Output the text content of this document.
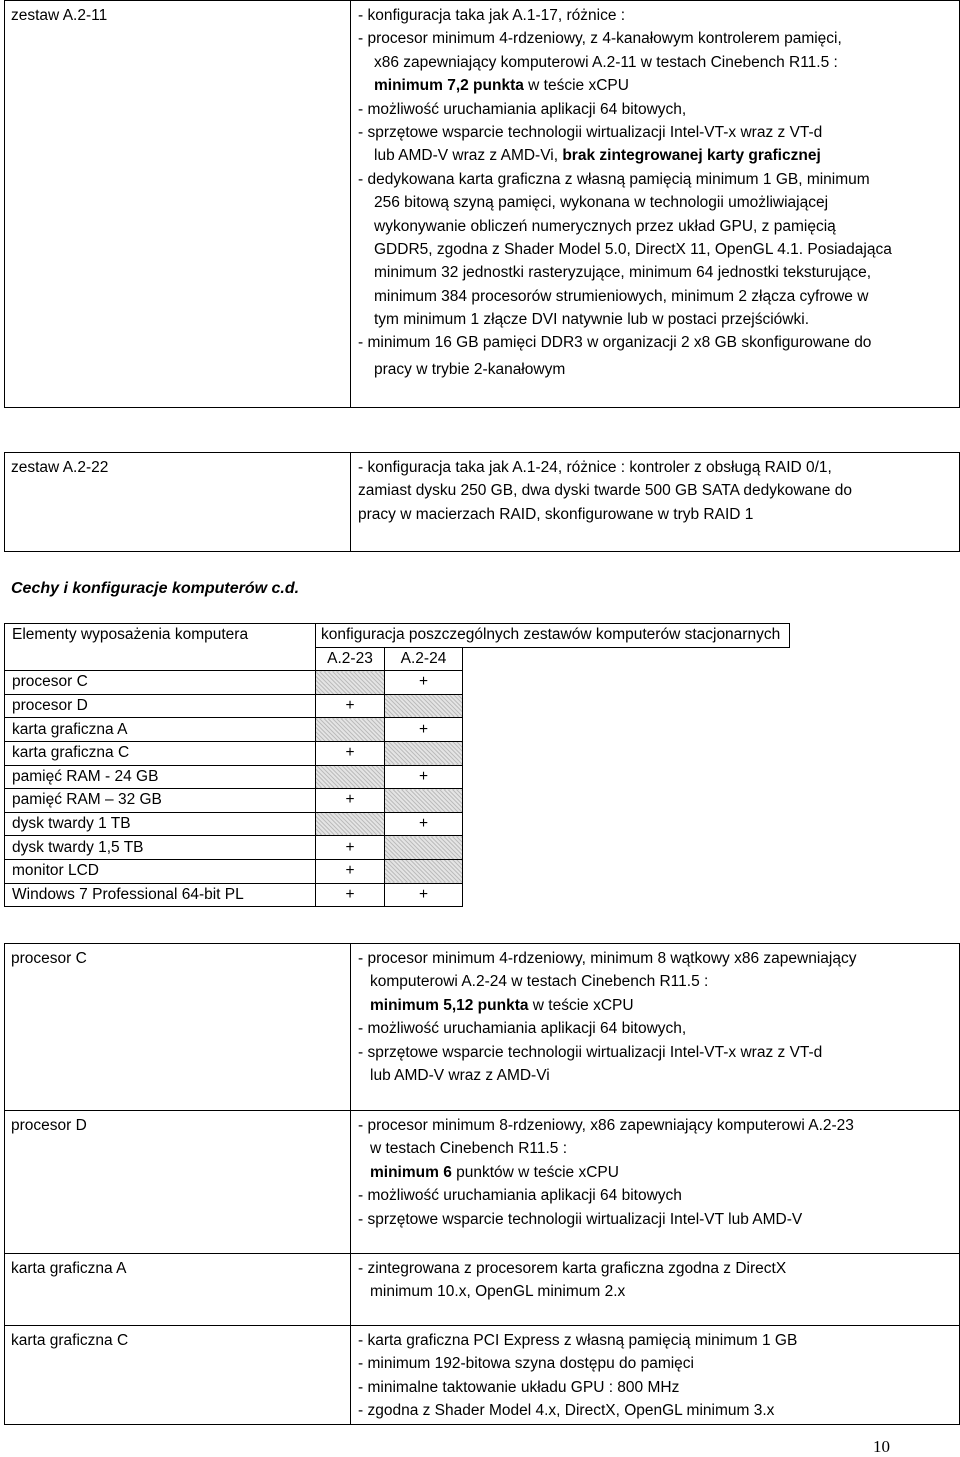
zestaw A.2-11	- konfiguracja taka jak A.1-17, różnice :
- procesor minimum 4-rdzeniowy, z 4-kanałowym kontrolerem pamięci,
x86 zapewniający komputerowi A.2-11 w testach Cinebench R11.5 :
minimum 7,2 punkta w teście xCPU
- możliwość uruchamiania aplikacji 64 bitowych,
- sprzętowe wsparcie technologii wirtualizacji Intel-VT-x wraz z VT-d
lub AMD-V wraz z AMD-Vi, brak zintegrowanej karty graficznej
- dedykowana karta graficzna z własną pamięcią minimum 1 GB, minimum
256 bitową szyną pamięci, wykonana w technologii umożliwiającej
wykonywanie obliczeń numerycznych przez układ GPU, z pamięcią
GDDR5, zgodna z Shader Model 5.0, DirectX 11, OpenGL 4.1. Posiadająca
minimum 32 jednostki rasteryzujące, minimum 64 jednostki teksturujące,
minimum 384 procesorów strumieniowych, minimum 2 złącza cyfrowe w
tym minimum 1 złącze DVI natywnie lub w postaci przejściówki.
- minimum 16 GB pamięci DDR3 w organizacji 2 x8 GB skonfigurowane do
pracy w trybie 2-kanałowym
zestaw A.2-22	- konfiguracja taka jak A.1-24, różnice : kontroler z obsługą RAID 0/1,
zamiast dysku 250 GB, dwa dyski twarde 500 GB SATA dedykowane do
pracy w macierzach RAID, skonfigurowane w tryb RAID 1
Cechy i konfiguracje komputerów c.d.
Elementy wyposażenia komputera	konfiguracja poszczególnych zestawów komputerów stacjonarnych		
	A.2-23	A.2-24	
procesor C		+	
procesor D	+		
karta graficzna A		+	
karta graficzna C	+		
pamięć RAM - 24 GB		+	
pamięć RAM – 32 GB	+		
dysk twardy 1 TB		+	
dysk twardy 1,5 TB	+		
monitor LCD	+		
Windows 7 Professional 64-bit PL	+	+	
procesor C	- procesor minimum 4-rdzeniowy, minimum 8 wątkowy x86 zapewniający
komputerowi A.2-24 w testach Cinebench R11.5 :
minimum 5,12 punkta w teście xCPU
- możliwość uruchamiania aplikacji 64 bitowych,
- sprzętowe wsparcie technologii wirtualizacji Intel-VT-x wraz z VT-d
lub AMD-V wraz z AMD-Vi
procesor D	- procesor minimum 8-rdzeniowy, x86 zapewniający komputerowi A.2-23
w testach Cinebench R11.5 :
minimum 6 punktów w teście xCPU
- możliwość uruchamiania aplikacji 64 bitowych
- sprzętowe wsparcie technologii wirtualizacji Intel-VT lub AMD-V
karta graficzna A	- zintegrowana z procesorem karta graficzna zgodna z DirectX
minimum 10.x, OpenGL minimum 2.x
karta graficzna C	- karta graficzna PCI Express z własną pamięcią minimum 1 GB
- minimum 192-bitowa szyna dostępu do pamięci
- minimalne taktowanie układu GPU : 800 MHz
- zgodna z Shader Model 4.x, DirectX, OpenGL minimum 3.x
10
